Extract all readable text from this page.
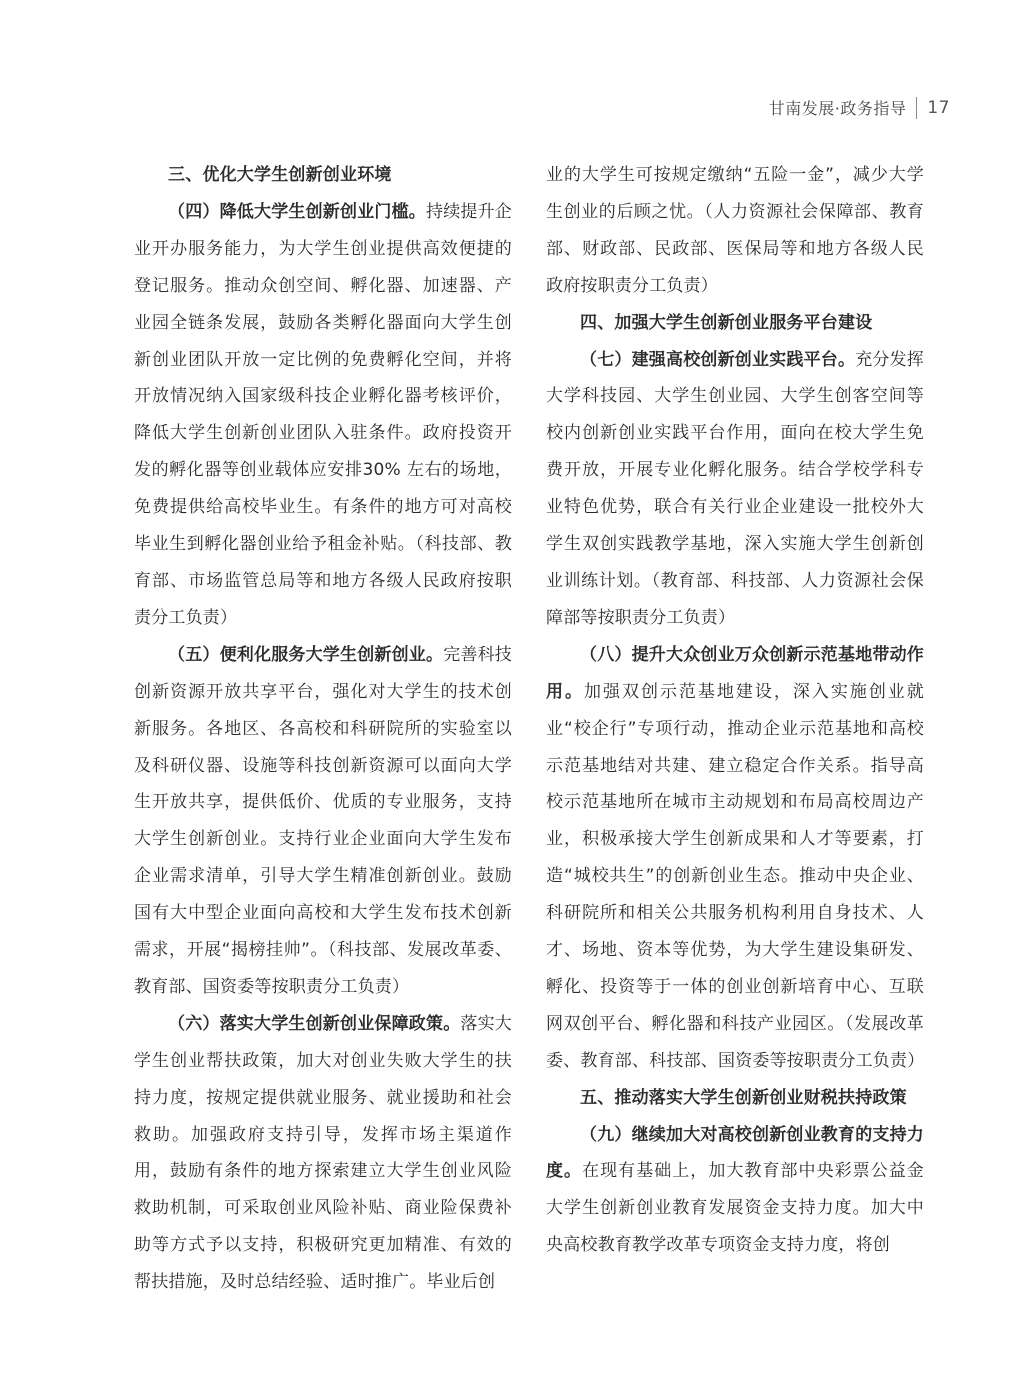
甘南发展·政务指导 17
三、优化大学生创新创业环境

（四）降低大学生创新创业门槛。持续提升企业开办服务能力，为大学生创业提供高效便捷的登记服务。推动众创空间、孵化器、加速器、产业园全链条发展，鼓励各类孵化器面向大学生创新创业团队开放一定比例的免费孵化空间，并将开放情况纳入国家级科技企业孵化器考核评价，降低大学生创新创业团队入驻条件。政府投资开发的孵化器等创业载体应安排30% 左右的场地，免费提供给高校毕业生。有条件的地方可对高校毕业生到孵化器创业给予租金补贴。（科技部、教育部、市场监管总局等和地方各级人民政府按职责分工负责）

（五）便利化服务大学生创新创业。完善科技创新资源开放共享平台，强化对大学生的技术创新服务。各地区、各高校和科研院所的实验室以及科研仪器、设施等科技创新资源可以面向大学生开放共享，提供低价、优质的专业服务，支持大学生创新创业。支持行业企业面向大学生发布企业需求清单，引导大学生精准创新创业。鼓励国有大中型企业面向高校和大学生发布技术创新需求，开展“揭榜挂帅”。（科技部、发展改革委、教育部、国资委等按职责分工负责）

（六）落实大学生创新创业保障政策。落实大学生创业帮扶政策，加大对创业失败大学生的扶持力度，按规定提供就业服务、就业援助和社会救助。加强政府支持引导，发挥市场主渠道作用，鼓励有条件的地方探索建立大学生创业风险救助机制，可采取创业风险补贴、商业险保费补助等方式予以支持，积极研究更加精准、有效的帮扶措施，及时总结经验、适时推广。毕业后创

业的大学生可按规定缴纳“五险一金”，减少大学生创业的后顾之忧。（人力资源社会保障部、教育部、财政部、民政部、医保局等和地方各级人民政府按职责分工负责）

四、加强大学生创新创业服务平台建设

（七）建强高校创新创业实践平台。充分发挥大学科技园、大学生创业园、大学生创客空间等校内创新创业实践平台作用，面向在校大学生免费开放，开展专业化孵化服务。结合学校学科专业特色优势，联合有关行业企业建设一批校外大学生双创实践教学基地，深入实施大学生创新创业训练计划。（教育部、科技部、人力资源社会保障部等按职责分工负责）

（八）提升大众创业万众创新示范基地带动作用。加强双创示范基地建设，深入实施创业就业“校企行”专项行动，推动企业示范基地和高校示范基地结对共建、建立稳定合作关系。指导高校示范基地所在城市主动规划和布局高校周边产业，积极承接大学生创新成果和人才等要素，打造“城校共生”的创新创业生态。推动中央企业、科研院所和相关公共服务机构利用自身技术、人才、场地、资本等优势，为大学生建设集研发、孵化、投资等于一体的创业创新培育中心、互联网双创平台、孵化器和科技产业园区。（发展改革委、教育部、科技部、国资委等按职责分工负责）

五、推动落实大学生创新创业财税扶持政策

（九）继续加大对高校创新创业教育的支持力度。在现有基础上，加大教育部中央彩票公益金大学生创新创业教育发展资金支持力度。加大中央高校教育教学改革专项资金支持力度，将创
